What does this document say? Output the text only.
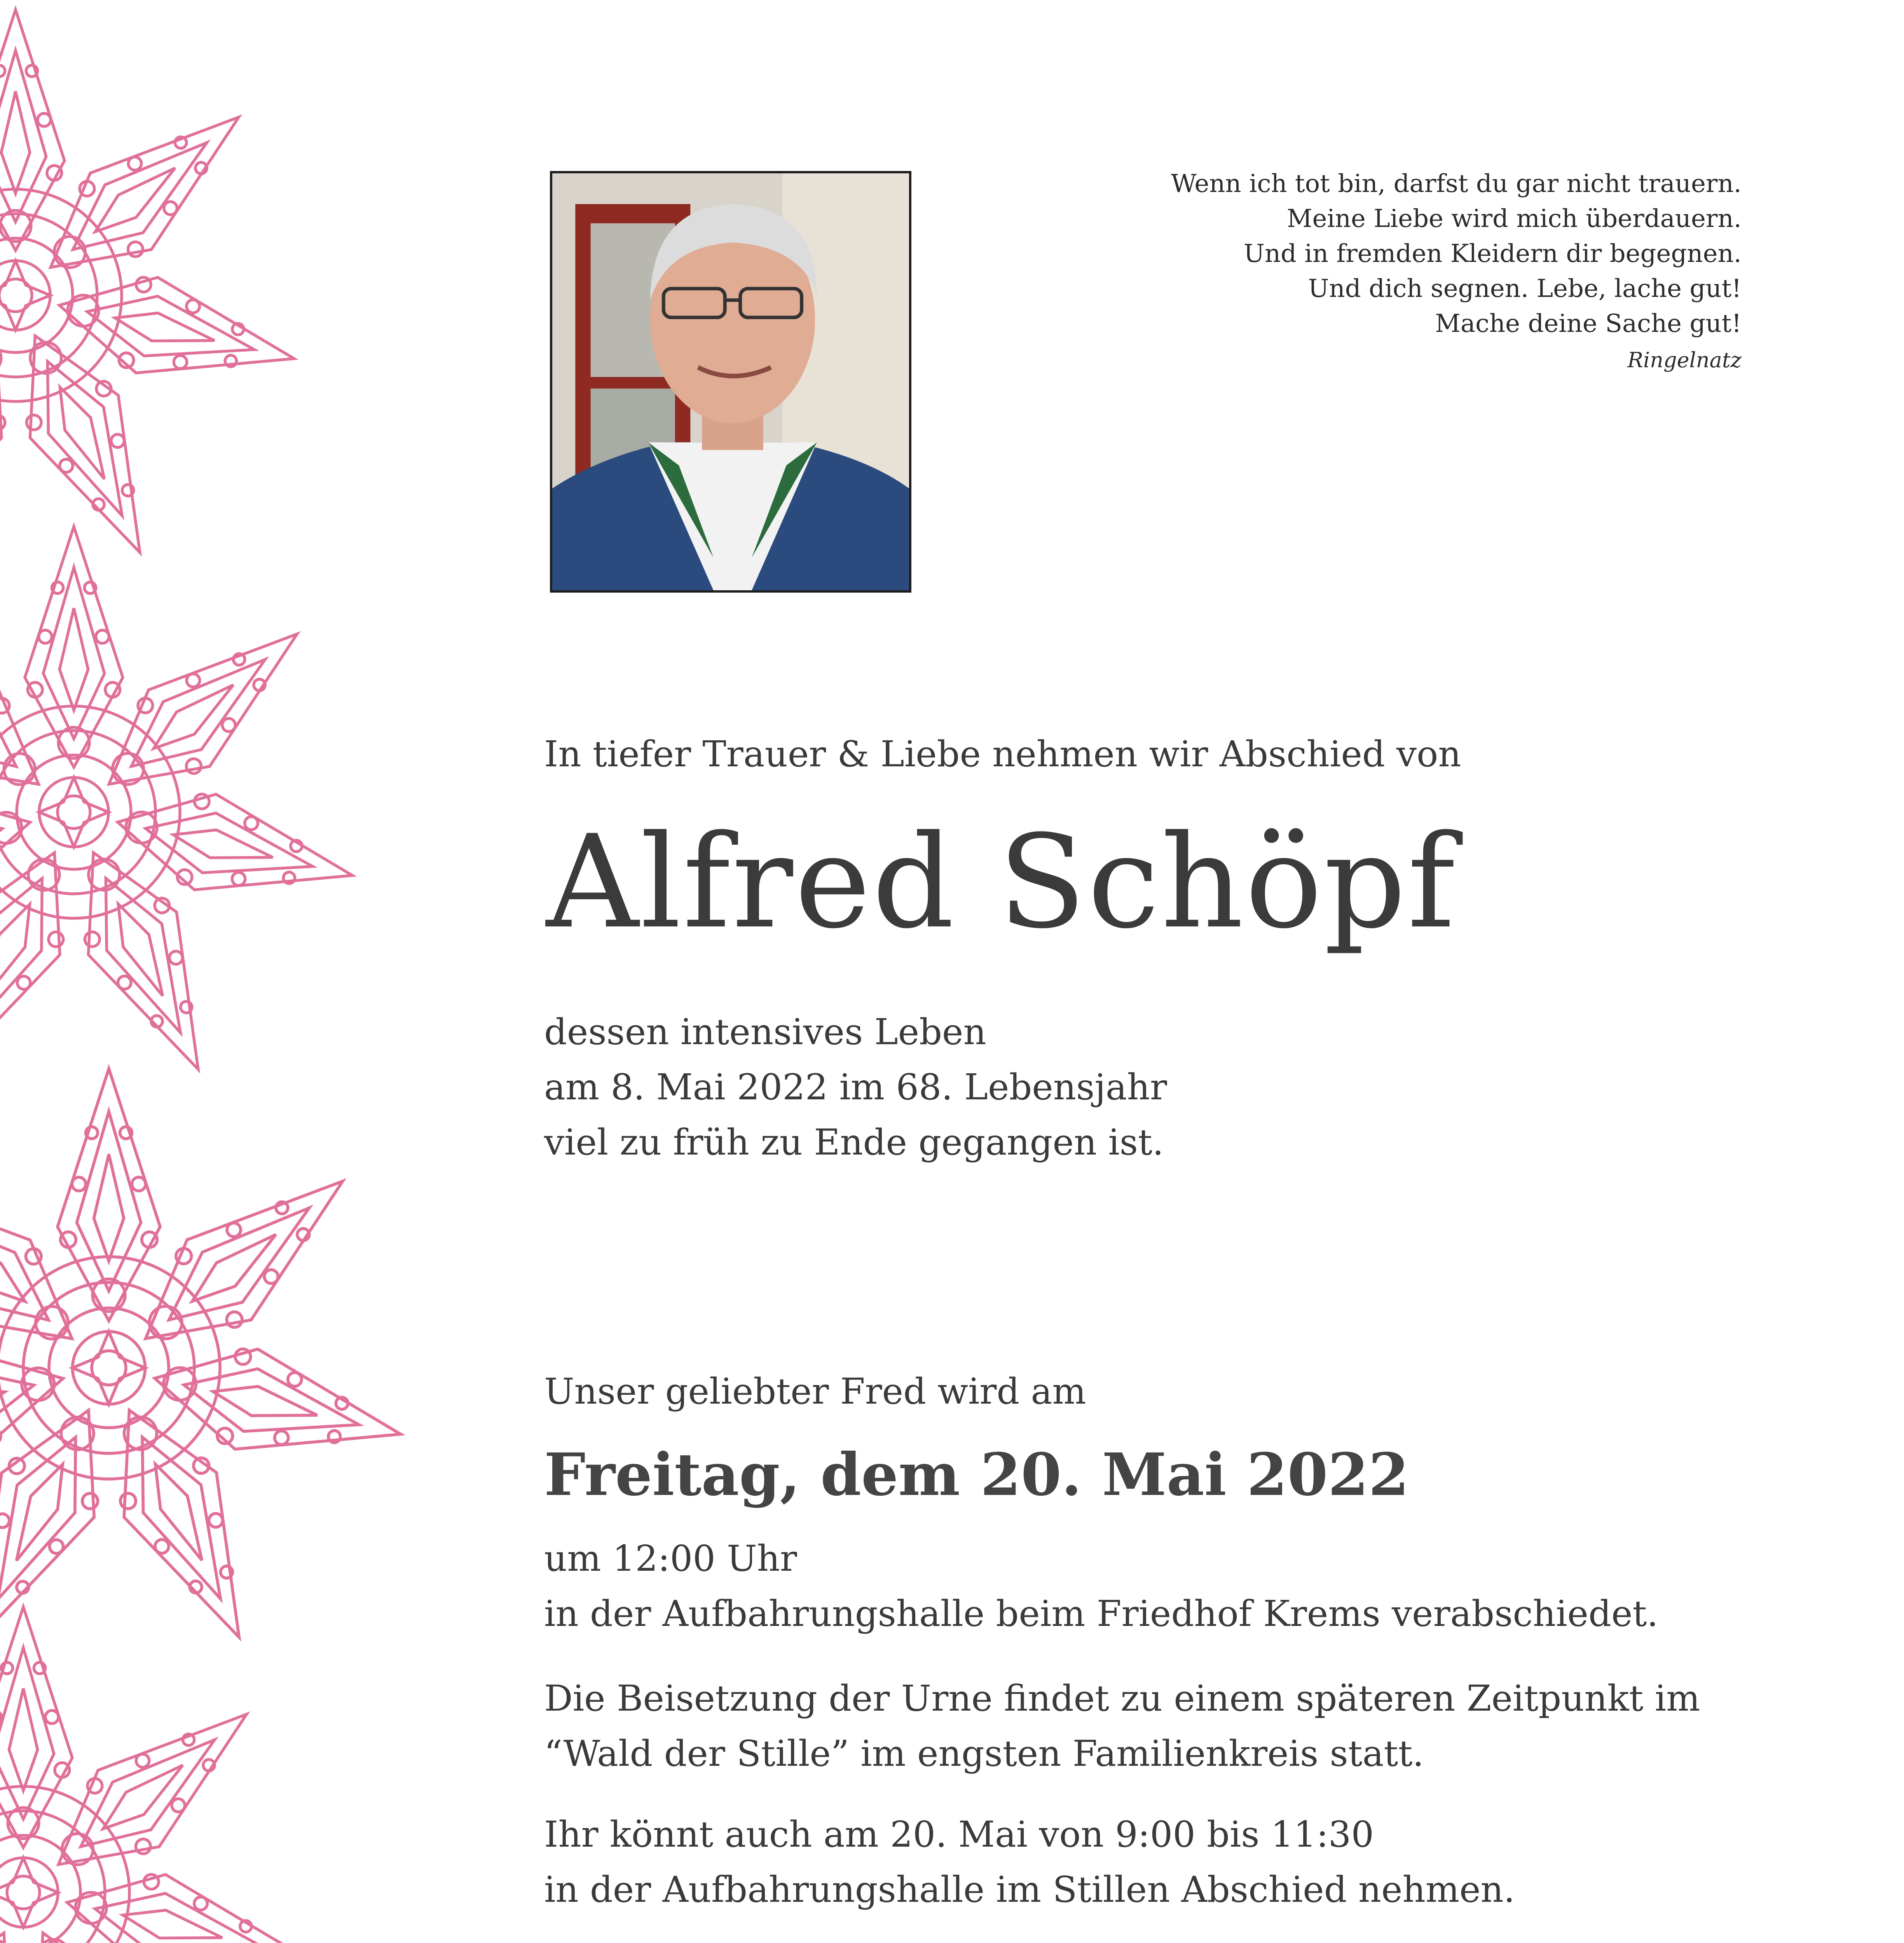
Wenn ich tot bin, darfst du gar nicht trauern.
Meine Liebe wird mich überdauern.
Und in fremden Kleidern dir begegnen.
Und dich segnen. Lebe, lache gut!
Mache deine Sache gut!
Ringelnatz
In tiefer Trauer & Liebe nehmen wir Abschied von
Alfred Schöpf
dessen intensives Leben
am 8. Mai 2022 im 68. Lebensjahr
viel zu früh zu Ende gegangen ist.
Unser geliebter Fred wird am
Freitag, dem 20. Mai 2022
um 12:00 Uhr
in der Aufbahrungshalle beim Friedhof Krems verabschiedet.
Die Beisetzung der Urne findet zu einem späteren Zeitpunkt im
“Wald der Stille” im engsten Familienkreis statt.
Ihr könnt auch am 20. Mai von 9:00 bis 11:30
in der Aufbahrungshalle im Stillen Abschied nehmen.
